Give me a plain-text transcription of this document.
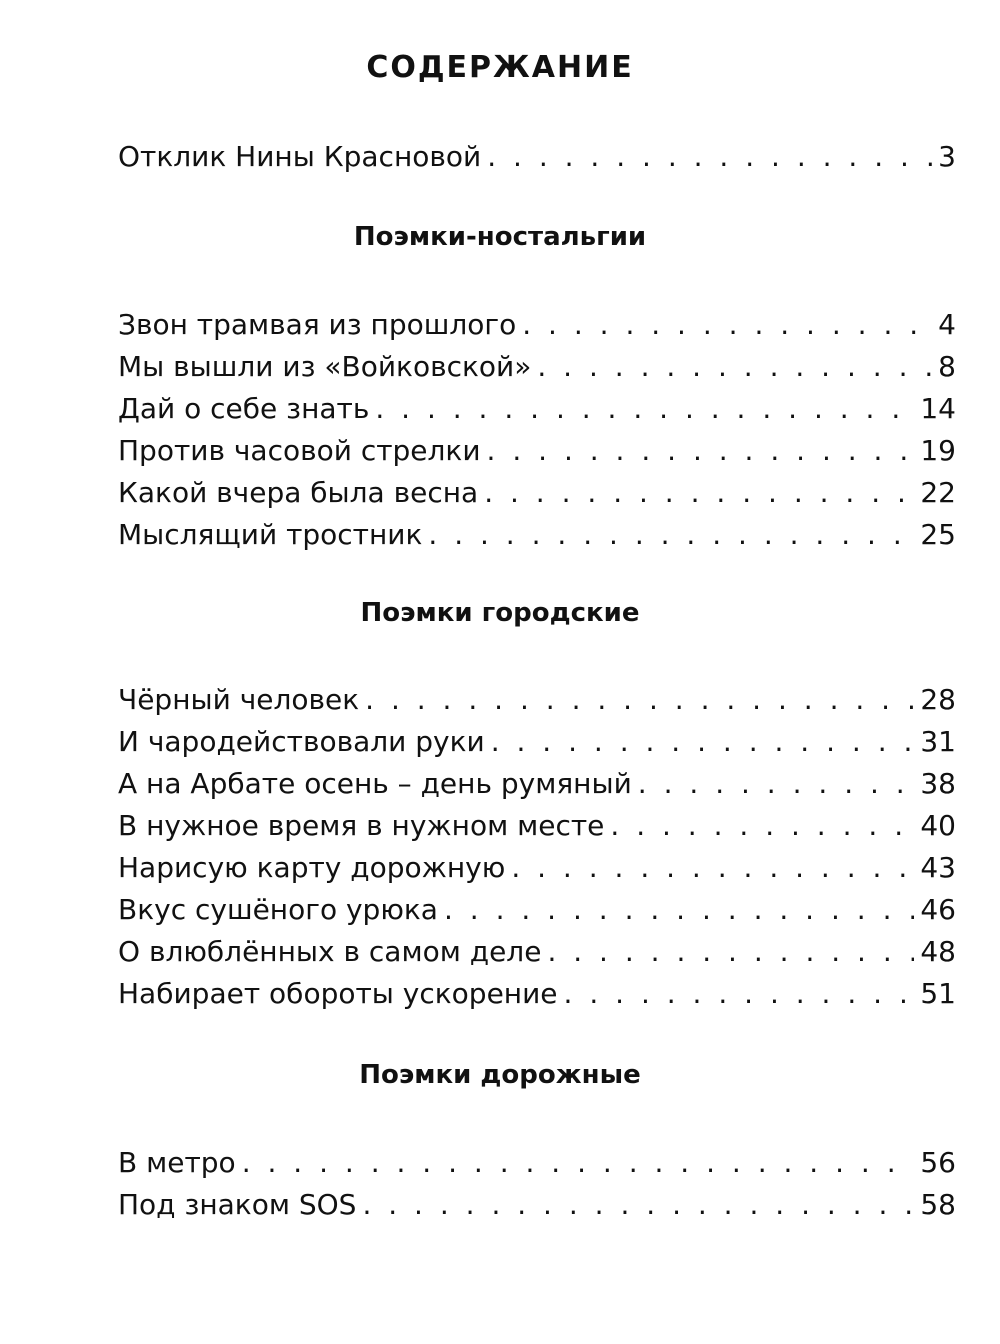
СОДЕРЖАНИЕ
Отклик Нины Красновой . . .	3
Поэмки-ностальгии
Звон трамвая из прошлого . . .	4
Мы вышли из «Войковской» . . .	8
Дай о себе знать . . .	14
Против часовой стрелки . . .	19
Какой вчера была весна . . .	22
Мыслящий тростник . . .	25
Поэмки городские
Чёрный человек . . .	28
И чародействовали руки . . .	31
А на Арбате осень – день румяный . . .	38
В нужное время в нужном месте . . .	40
Нарисую карту дорожную . . .	43
Вкус сушёного урюка . . .	46
О влюблённых в самом деле . . .	48
Набирает обороты ускорение . . .	51
Поэмки дорожные
В метро . . .	56
Под знаком SOS . . .	58
